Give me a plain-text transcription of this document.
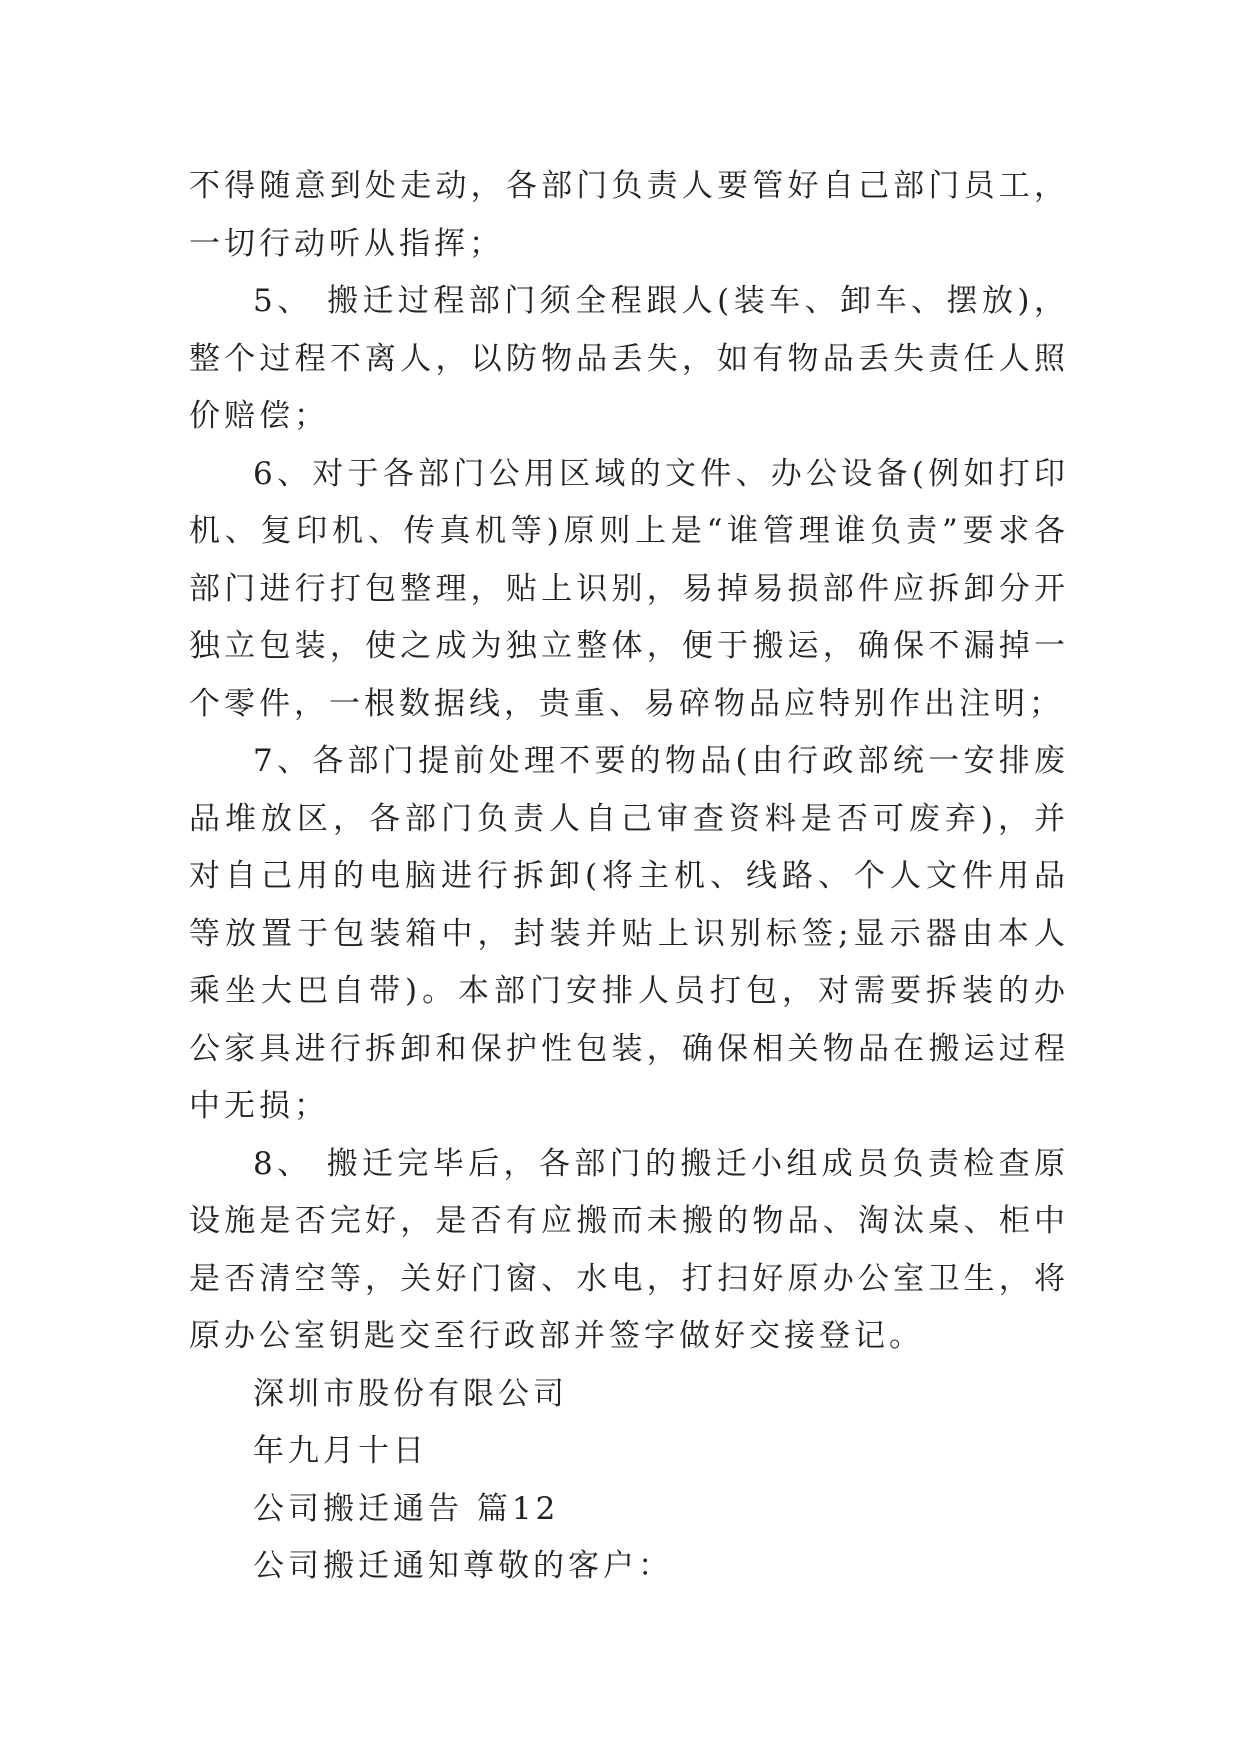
不得随意到处走动，各部门负责人要管好自己部门员工，一切行动听从指挥；

5、 搬迁过程部门须全程跟人(装车、卸车、摆放)，整个过程不离人，以防物品丢失，如有物品丢失责任人照价赔偿；

6、对于各部门公用区域的文件、办公设备(例如打印机、复印机、传真机等)原则上是“谁管理谁负责”要求各部门进行打包整理，贴上识别，易掉易损部件应拆卸分开独立包装，使之成为独立整体，便于搬运，确保不漏掉一个零件，一根数据线，贵重、易碎物品应特别作出注明；

7、各部门提前处理不要的物品(由行政部统一安排废品堆放区，各部门负责人自己审查资料是否可废弃)，并对自己用的电脑进行拆卸(将主机、线路、个人文件用品等放置于包装箱中，封装并贴上识别标签;显示器由本人乘坐大巴自带)。本部门安排人员打包，对需要拆装的办公家具进行拆卸和保护性包装，确保相关物品在搬运过程中无损；

8、 搬迁完毕后，各部门的搬迁小组成员负责检查原设施是否完好，是否有应搬而未搬的物品、淘汰桌、柜中是否清空等，关好门窗、水电，打扫好原办公室卫生，将原办公室钥匙交至行政部并签字做好交接登记。

深圳市股份有限公司
年九月十日
公司搬迁通告 篇12
公司搬迁通知尊敬的客户：
